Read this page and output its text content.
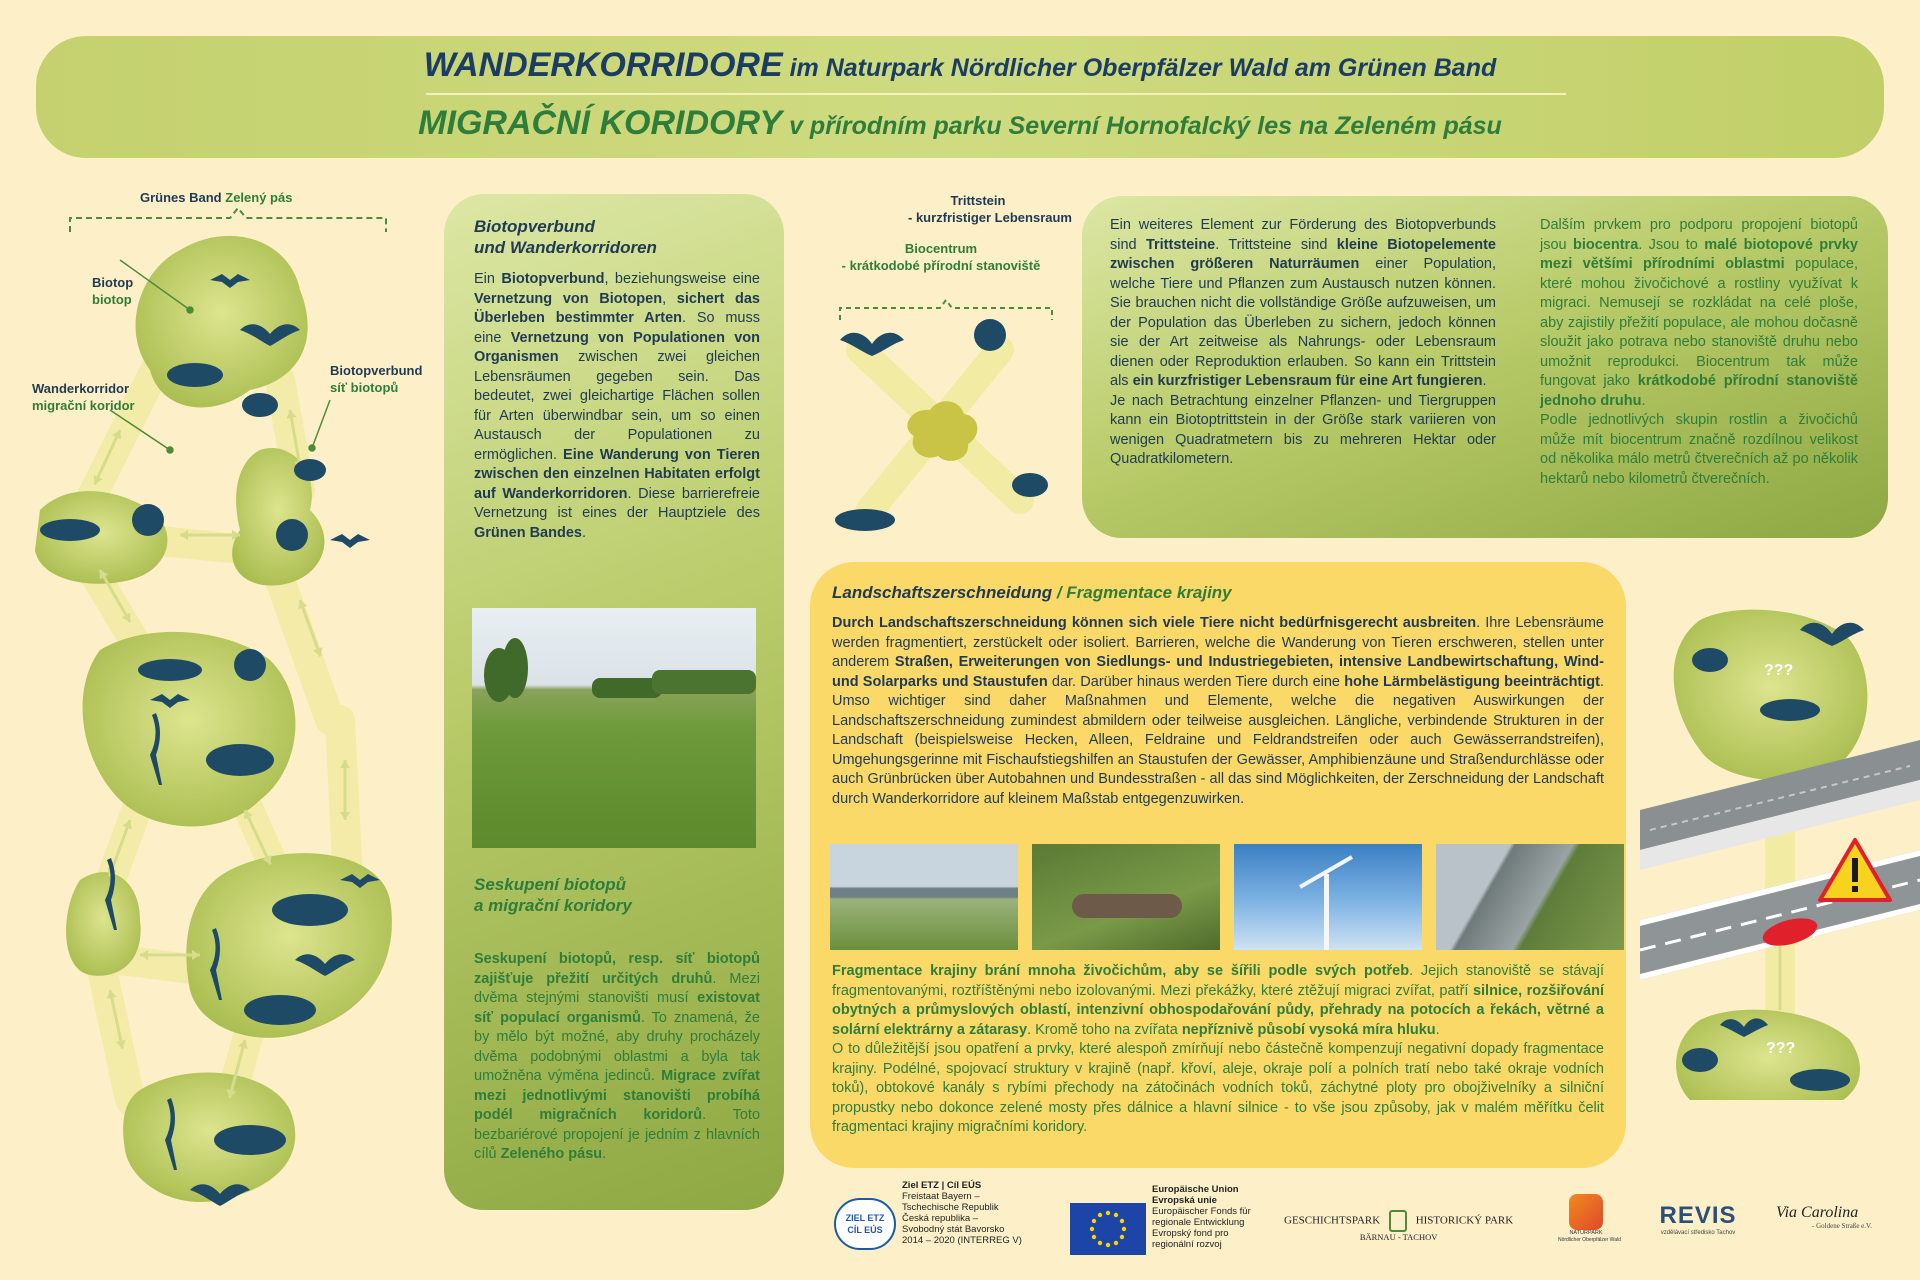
WANDERKORRIDORE im Naturpark Nördlicher Oberpfälzer Wald am Grünen Band
MIGRAČNÍ KORIDORY v přírodním parku Severní Hornofalcký les na Zeleném pásu
Grünes Band Zelený pás
Biotop
biotop
Wanderkorridor
migrační koridor
Biotopverbund
síť biotopů
Biotopverbund
und Wanderkorridoren
Ein Biotopverbund, beziehungsweise eine Vernetzung von Biotopen, sichert das Überleben bestimmter Arten. So muss eine Vernetzung von Populationen von Organismen zwischen zwei gleichen Lebensräumen gegeben sein. Das bedeutet, zwei gleichartige Flächen sollen für Arten überwindbar sein, um so einen Austausch der Populationen zu ermöglichen. Eine Wanderung von Tieren zwischen den einzelnen Habitaten erfolgt auf Wanderkorridoren. Diese barrierefreie Vernetzung ist eines der Hauptziele des Grünen Bandes.
Seskupení biotopů
a migrační koridory
Seskupení biotopů, resp. síť biotopů zajišťuje přežití určitých druhů. Mezi dvěma stejnými stanovišti musí existovat síť populací organismů. To znamená, že by mělo být možné, aby druhy procházely dvěma podobnými oblastmi a byla tak umožněna výměna jedinců. Migrace zvířat mezi jednotlivými stanovišti probíhá podél migračních koridorů. Toto bezbariérové propojení je jedním z hlavních cílů Zeleného pásu.
Trittstein
- kurzfristiger Lebensraum
Biocentrum
- krátkodobé přírodní stanoviště
Ein weiteres Element zur Förderung des Biotopverbunds sind Trittsteine. Trittsteine sind kleine Biotopelemente zwischen größeren Naturräumen einer Population, welche Tiere und Pflanzen zum Austausch nutzen können. Sie brauchen nicht die vollständige Größe aufzuweisen, um der Population das Überleben zu sichern, jedoch können sie der Art zeitweise als Nahrungs- oder Lebensraum dienen oder Reproduktion erlauben. So kann ein Trittstein als ein kurzfristiger Lebensraum für eine Art fungieren.
Je nach Betrachtung einzelner Pflanzen- und Tiergruppen kann ein Biotoptrittstein in der Größe stark variieren von wenigen Quadratmetern bis zu mehreren Hektar oder Quadratkilometern.
Dalším prvkem pro podporu propojení biotopů jsou biocentra. Jsou to malé biotopové prvky mezi většími přírodními oblastmi populace, které mohou živočichové a rostliny využívat k migraci. Nemusejí se rozkládat na celé ploše, aby zajistily přežití populace, ale mohou dočasně sloužit jako potrava nebo stanoviště druhu nebo umožnit reprodukci. Biocentrum tak může fungovat jako krátkodobé přírodní stanoviště jednoho druhu.
Podle jednotlivých skupin rostlin a živočichů může mít biocentrum značně rozdílnou velikost od několika málo metrů čtverečních až po několik hektarů nebo kilometrů čtverečních.
Landschaftszerschneidung / Fragmentace krajiny
Durch Landschaftszerschneidung können sich viele Tiere nicht bedürfnisgerecht ausbreiten. Ihre Lebensräume werden fragmentiert, zerstückelt oder isoliert. Barrieren, welche die Wanderung von Tieren erschweren, stellen unter anderem Straßen, Erweiterungen von Siedlungs- und Industriegebieten, intensive Landbewirtschaftung, Wind- und Solarparks und Staustufen dar. Darüber hinaus werden Tiere durch eine hohe Lärmbelästigung beeinträchtigt. Umso wichtiger sind daher Maßnahmen und Elemente, welche die negativen Auswirkungen der Landschaftszerschneidung zumindest abmildern oder teilweise ausgleichen. Längliche, verbindende Strukturen in der Landschaft (beispielsweise Hecken, Alleen, Feldraine und Feldrandstreifen oder auch Gewässerrandstreifen), Umgehungsgerinne mit Fischaufstiegshilfen an Staustufen der Gewässer, Amphibienzäune und Straßendurchlässe oder auch Grünbrücken über Autobahnen und Bundesstraßen - all das sind Möglichkeiten, der Zerschneidung der Landschaft durch Wanderkorridore auf kleinem Maßstab entgegenzuwirken.
Fragmentace krajiny brání mnoha živočichům, aby se šířili podle svých potřeb. Jejich stanoviště se stávají fragmentovanými, roztříštěnými nebo izolovanými. Mezi překážky, které ztěžují migraci zvířat, patří silnice, rozšiřování obytných a průmyslových oblastí, intenzivní obhospodařování půdy, přehrady na potocích a řekách, větrné a solární elektrárny a zátarasy. Kromě toho na zvířata nepříznivě působí vysoká míra hluku.
O to důležitější jsou opatření a prvky, které alespoň zmírňují nebo částečně kompenzují negativní dopady fragmentace krajiny. Podélné, spojovací struktury v krajině (např. křoví, aleje, okraje polí a polních tratí nebo také okraje vodních toků), obtokové kanály s rybími přechody na zátočinách vodních toků, záchytné ploty pro obojživelníky a silniční propustky nebo dokonce zelené mosty přes dálnice a hlavní silnice - to vše jsou způsoby, jak v malém měřítku čelit fragmentaci krajiny migračními koridory.
???
???
ZIEL ETZ
CÍL EÚS
Ziel ETZ | Cíl EÚS
Freistaat Bayern –
Tschechische Republik
Česká republika –
Svobodný stát Bavorsko
2014 – 2020 (INTERREG V)
Europäische Union
Evropská unie
Europäischer Fonds für
regionale Entwicklung
Evropský fond pro
regionální rozvoj
GESCHICHTSPARK	HISTORICKÝ PARK
BÄRNAU - TACHOV	NATURPARK
Nördlicher Oberpfälzer Wald
REVIS
vzdělávací středisko Tachov
Via Carolina
- Goldene Straße e.V.
